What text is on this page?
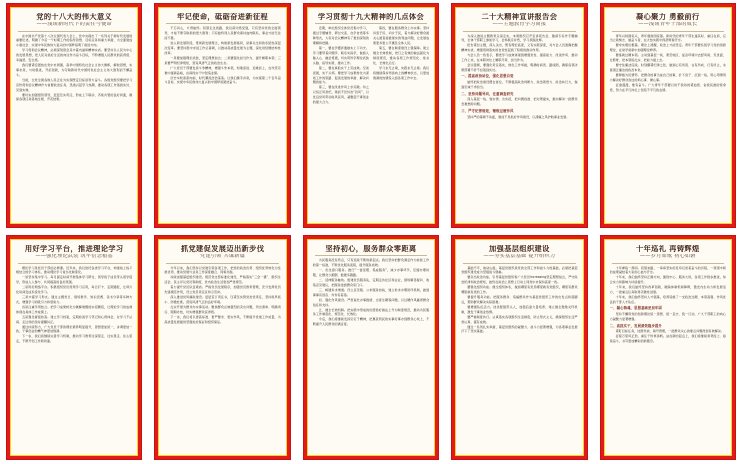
党的十八大的伟大意义
——浅谈新时代下的责任与使命
在中国共产党第十八次全国代表大会上，党中央提出了一系列关于新时代发展的重要论述，明确了今后一个时期工作的指导思想、目标任务和重大举措，为全面建成小康社会、实现中华民族伟大复兴的中国梦指明了前进方向。
学习贯彻会议精神，必须深刻领会其丰富内涵和精神实质。要坚持以人民为中心的发展思想，把人民对美好生活的向往作为奋斗目标，不断增强人民群众的获得感、幸福感、安全感。
我们要紧密团结在党中央周围，高举中国特色社会主义伟大旗帜，解放思想，实事求是，与时俱进，开拓创新，为夺取新时代中国特色社会主义伟大胜利而不懈奋斗。
当前，全党全国各族人民正在为实现既定目标而努力奋斗。各级党组织要把学习宣传贯彻会议精神作为首要政治任务，迅速兴起学习热潮，推动各项工作落到实处、见到实效。
要切实加强组织领导，层层压实责任，形成上下联动、齐抓共管的良好局面，确保各项任务落地生根、开花结果。
牢记使命，砥砺奋进新征程
不忘初心，方得始终。回望走过的路，我们深切感受到，只有坚持党的全面领导，才能不断夺取新的更大胜利；只有始终同人民群众保持血肉联系，事业才能无往而不胜。
进入新发展阶段，贯彻新发展理念，构建新发展格局，是事关全局的系统性深层次变革。要坚持稳中求进工作总基调，以推动高质量发展为主题，深化供给侧结构性改革。
一是要加强理论武装，坚定理想信念；二是要强化担当作为，提升履职本领；三是要严明纪律规矩，营造风清气正的政治生态。
广大党员干部要发扬斗争精神，增强斗争本领，知难而进、迎难而上，在攻坚克难中砥砺品格，在真抓实干中创造业绩。
历史车轮滚滚向前，时代潮流浩浩荡荡。让我们携手并肩，为实现第二个百年奋斗目标、实现中华民族伟大复兴的中国梦而团结奋斗。
学习贯彻十九大精神的几点体会
近期，单位组织全体党员集中学习，通过专题辅导、研讨交流、自学自悟等多种形式，大家对会议精神有了更加深刻的理解和把握。
第一，要在学懂弄通做实上下功夫。学习要带着问题学、联系实际学，做到入脑入心、融会贯通，切实用科学理论武装头脑、指导实践、推动工作。
第二，要在真抓实干上见成效。空谈误国，实干兴邦。要把学习成果转化为谋划工作的思路、促进发展的举措、解决问题的能力。
第三，要在改进作风上求突破。持之以恒正风肃纪，驰而不息纠治“四风”，以优良党风带动政风民风，凝聚起干事创业的强大合力。
第四，要在服务群众上办实事。坚持问需于民、问计于民，着力解决好群众最关心最直接最现实的利益问题，让发展成果更多更公平惠及全体人民。
第五，要在制度建设上强保障。建立健全长效机制，把行之有效的做法固化为制度规范，推动各项工作规范化、常态化、长效化运行。
学习永无止境，实践永无止境。我们将继续保持昂扬向上的精神状态，以更加饱满的热情投入到各项工作中去。
二十大精神宣讲报告会
——主题教育学习简报
为深入推进主题教育走深走实，本周组织召开宣讲报告会，邀请专家作专题辅导，全体干部职工参加学习，会场秩序井然，学习氛围浓厚。
报告紧扣主题，深入浅出，既有理论高度，又有实践深度，对与会人员准确把握精神实质、增强贯彻落实的自觉性起到了积极的推动作用。
与会人员一致表示，要把学习成效体现到增强党性、提高能力、改进作风、推动工作上来，在本职岗位上履职尽责、担当作为。
会议强调，要强化责任落实，细化工作举措，明确时间表、路线图，确保各项决策部署不折不扣落到实处。
一、提高政治站位，强化思想自觉
始终把政治建设摆在首位，不断提高政治判断力、政治领悟力、政治执行力，做到忠诚干净担当。
二、坚持问题导向，注重调查研究
深入基层一线，察实情、出实招，把问题找准、把对策提实，推动解决一批群众急难愁盼问题。
三、严守纪律规矩，锤炼过硬作风
坚持严的基调不动摇，驰而不息抓好作风建设，以清廉之风护航事业发展。
凝心聚力 勇毅前行
——浅谈青年干部的成长
青年兴则国家兴，青年强则国家强。新时代的青年干部生逢其时、重任在肩，应当立鸿鹄志、做奋斗者，在火热实践中挥洒青春汗水。
要夯实理论根基。理论上清醒，政治上才能坚定。青年干部要系统学习党的创新理论，在常学常新中加强理论修养。
要练就过硬本领。主动到基层一线、艰苦地区、复杂环境中去经风雨、见世面、壮筋骨，把本领练扎实、把能力提上去。
要守住廉洁底线。时刻绷紧纪律之弦，做到心有所畏、言有所戒、行有所止，永葆清正廉洁的政治本色。
要厚植为民情怀。把群众的事当成自己的事，扑下身子、沉到一线，用心用情用力解决好群众身边的烦心事、操心事。
征途漫漫，惟有奋斗。广大青年干部要以时不我待的紧迫感、舍我其谁的使命感，努力在平凡岗位上创造不平凡的业绩。
用好学习平台，推进理论学习
——强化理论武装 筑牢信念根基
理论学习是党员干部的必修课。近年来，我们依托各类学习平台，构建线上线下相结合的学习体系，推动理论学习常态化制度化。
一是坚持集中学习。每月固定时间开展集体学习研讨，领导班子成员带头领学促学，形成人人参与、共同提高的良好氛围。
二是用好网络平台。积极组织党员使用学习应用，每日打卡、定期通报，让碎片化时间变成系统化学习。
三是丰富学习形式。通过主题党日、现场教学、知识竞赛、读书分享等多种方式，增强学习的吸引力和感染力。
四是注重学用结合。把学习成果转化为破解难题的实招硬招，让理论学习的成效体现在具体工作成绩上。
五是强化督促检查。建立学习档案，定期检查学习笔记和心得体会，对学习不认真、走过场的及时提醒纠正。
通过持续努力，广大党员干部的理论素养明显提升，思想更加统一，步调更加一致，干事创业的精气神更加饱满。
下一步，我们将继续完善学习机制，推动学习教育往深里走、往实里走、往心里走，不断开创工作新局面。
抓党建促发展迈出新步伐
党建引领 共谋新篇
今年以来，我们坚持以党建引领各项工作，把党的政治优势、组织优势转化为发展优势，推动党建与业务工作深度融合、同频共振。
持续加强基层组织建设。规范党支部标准化建设，严格落实“三会一课”、组织生活会、民主评议党员等制度，党内政治生活更加严肃规范。
着力提升党员队伍素质。严格党员发展程序，加强党员教育管理，充分发挥党员先锋模范作用，设立党员责任区和示范岗。
深入推进党风廉政建设。层层签订责任书，压紧压实管党治党责任，坚持抓早抓小、防微杜渐，营造风清气正的良好环境。
扎实开展为群众办实事活动。聚焦群众反映强烈的突出问题，列出清单、明确责任、限期办结，切实增强群众获得感。
下一步，我们将以更高标准、更严要求、更实作风，不断提升党建工作质量，为高质量发展提供坚强政治保证和组织保证。
坚持初心，服务群众零距离
为民服务没有终点，只有连续不断的新起点。我们坚持把群众满意作为检验工作的第一标准，不断优化服务流程，提升服务质效。
一、优化窗口服务。推行“一窗受理、集成服务”，减少办事环节，压缩办理时限，让群众少跑腿、数据多跑路。
二、延伸服务触角。组建党员服务队，定期走访社区和企业，现场解答疑问、收集意见建议，把服务送到群众家门口。
三、畅通诉求渠道。设立意见箱、公布服务热线，建立诉求办理闭环机制，做到事事有回音、件件有着落。
四、强化作风建设。严肃查处办事推诿、态度生硬等问题，以过硬作风赢得群众信任和支持。
五、健全长效机制。把实践中形成的好经验好做法上升为制度规范，推动为民服务工作制度化、规范化、长效化。
今后，我们将继续发扬钉钉子精神，把惠民利民的实事好事办到群众心坎上，不断提升人民群众的满意度。
加强基层组织建设
——夯实基层基础 提升组织力
基础不牢，地动山摇。基层党组织是党的全部工作和战斗力的基础，必须把基层党组织建设成为坚强战斗堡垒。
要突出政治功能。引导基层党组织和广大党员increasing坚定理想信念，严守政治纪律和政治规矩，始终在政治上思想上行动上同党中央保持高度一致。
要强化组织功能。健全组织体系，做到哪里有党员哪里就有党组织，哪里有群众哪里就有党的工作。
要提升服务功能。把服务群众、造福群众作为基层党组织工作的出发点和落脚点，帮助群众解决实际困难。
要增强队伍活力。选优配强带头人，加强后备力量培养，建立健全激励关怀机制，激发干事创业热情。
要严格制度执行。认真落实各项组织生活制度，防止形式主义，确保组织生活严肃认真、富有成效。
通过一系列扎实举措，基层党组织的凝聚力、战斗力显著增强，为各项事业发展打下了坚实基础。
十年巡礼 再铸辉煌
——岁月如歌 初心如磐
十年弹指一挥间。回望来路，一串串坚实的足印记录着奋斗的历程，一项项丰硕的成果凝结着大家的心血与汗水。
十年来，我们始终坚持正确方向，围绕中心、服务大局，各项工作稳步推进，综合实力和影响力持续提升。
十年来，我们始终坚持改革创新，破除体制机制障碍，激发内生动力和发展活力，一批重点任务取得突破性进展。
十年来，我们始终坚持人才强基，培养造就了一支政治过硬、本领高强、作风优良的干部人才队伍。
一、凝心铸魂，思想基础更加牢固
坚持不懈用党的创新理论统一思想、统一意志、统一行动，广大干部职工的向心力凝聚力显著增强。
二、真抓实干，发展质效稳步提升
紧盯目标任务，挂图作战、销号管理，一批群众关心的难点问题得到有效解决。
征程万里风正劲，重任千钧再扬帆。站在新的起点上，我们将继续乘势而上、接续奋斗，书写更加精彩的新篇章。
